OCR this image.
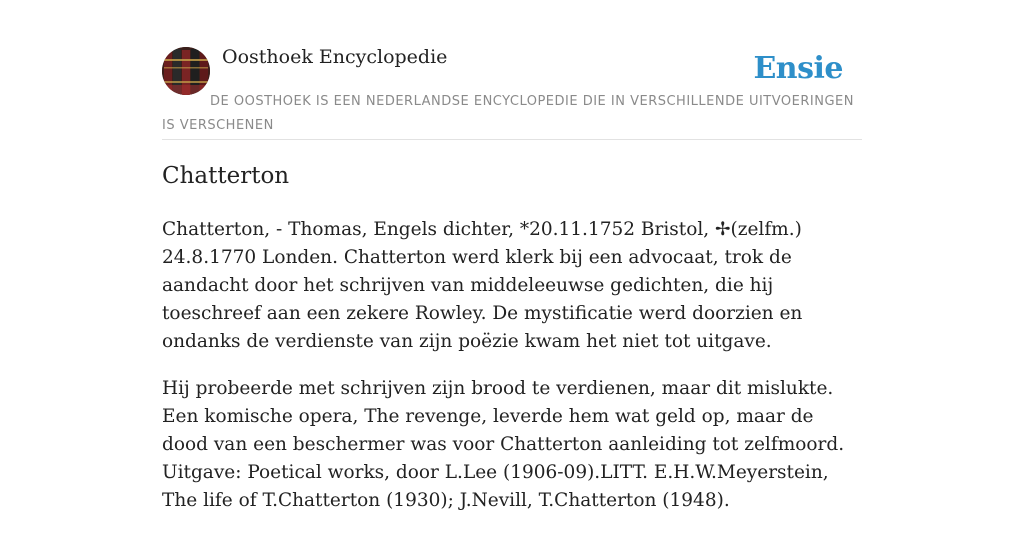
Oosthoek Encyclopedie	Ensie
DE OOSTHOEK IS EEN NEDERLANDSE ENCYCLOPEDIE DIE IN VERSCHILLENDE UITVOERINGEN IS VERSCHENEN
Chatterton

Chatterton, - Thomas, Engels dichter, *20.11.1752 Bristol, ✢(zelfm.) 24.8.1770 Londen. Chatterton werd klerk bij een advocaat, trok de aandacht door het schrijven van middeleeuwse gedichten, die hij toeschreef aan een zekere Rowley. De mystificatie werd doorzien en ondanks de verdienste van zijn poëzie kwam het niet tot uitgave.

Hij probeerde met schrijven zijn brood te verdienen, maar dit mislukte. Een komische opera, The revenge, leverde hem wat geld op, maar de dood van een beschermer was voor Chatterton aanleiding tot zelfmoord. Uitgave: Poetical works, door L.Lee (1906-09).LITT. E.H.W.Meyerstein, The life of T.Chatterton (1930); J.Nevill, T.Chatterton (1948).
